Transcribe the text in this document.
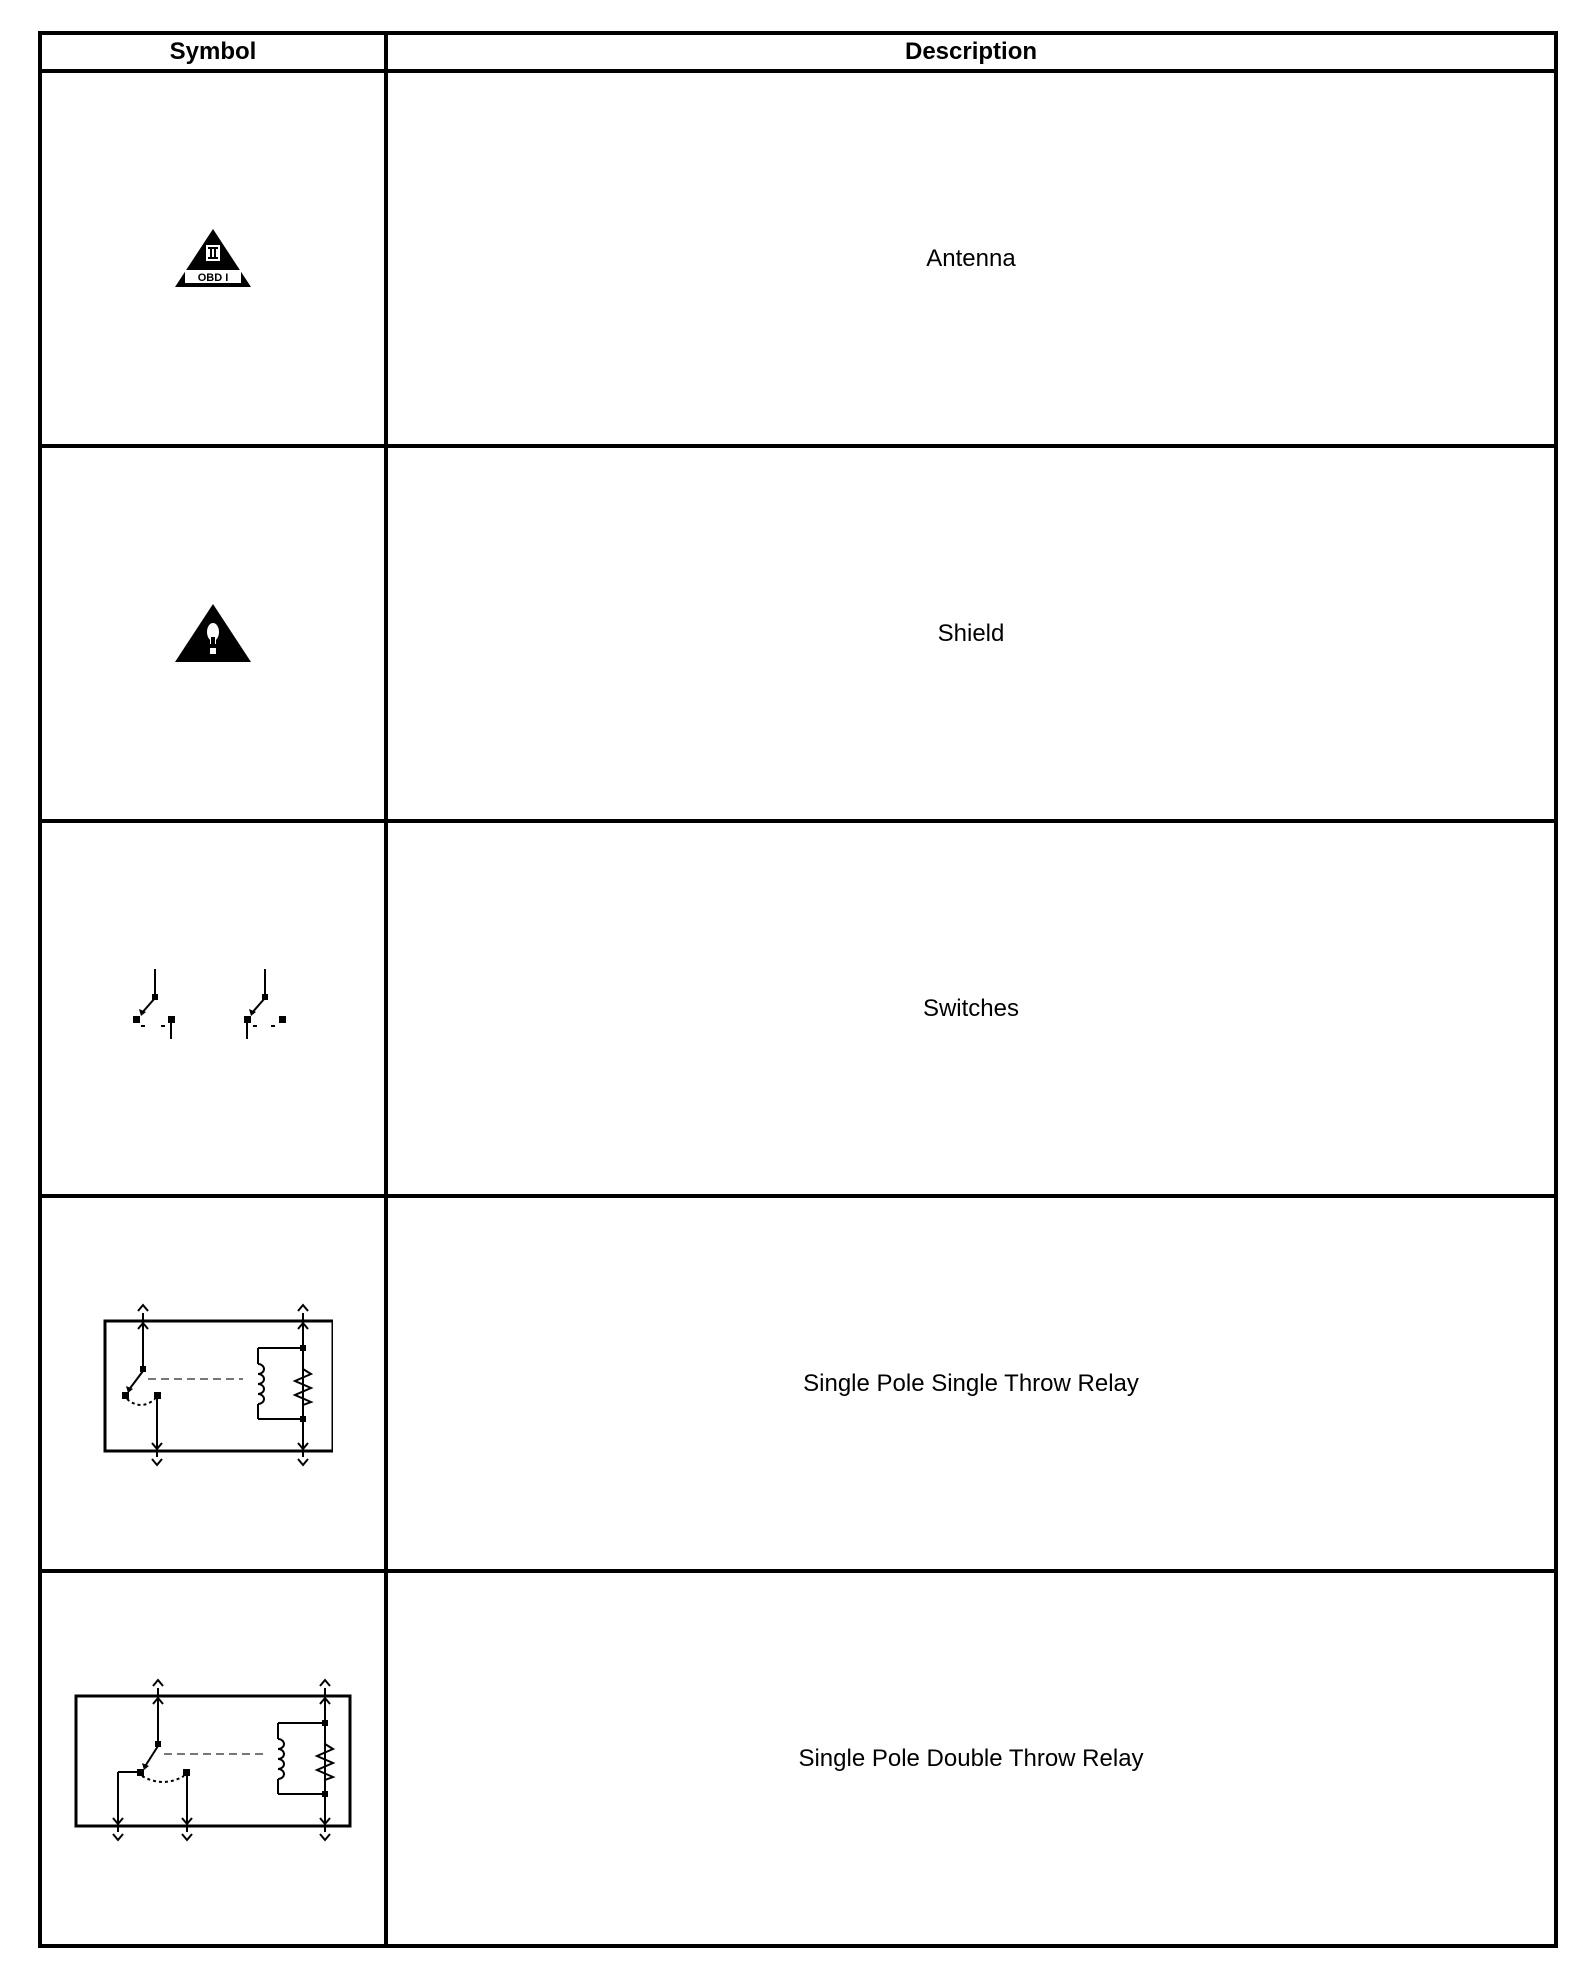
Symbol	Description

OBD I	Antenna

	Shield

	Switches

	Single Pole Single Throw Relay

	Single Pole Double Throw Relay
